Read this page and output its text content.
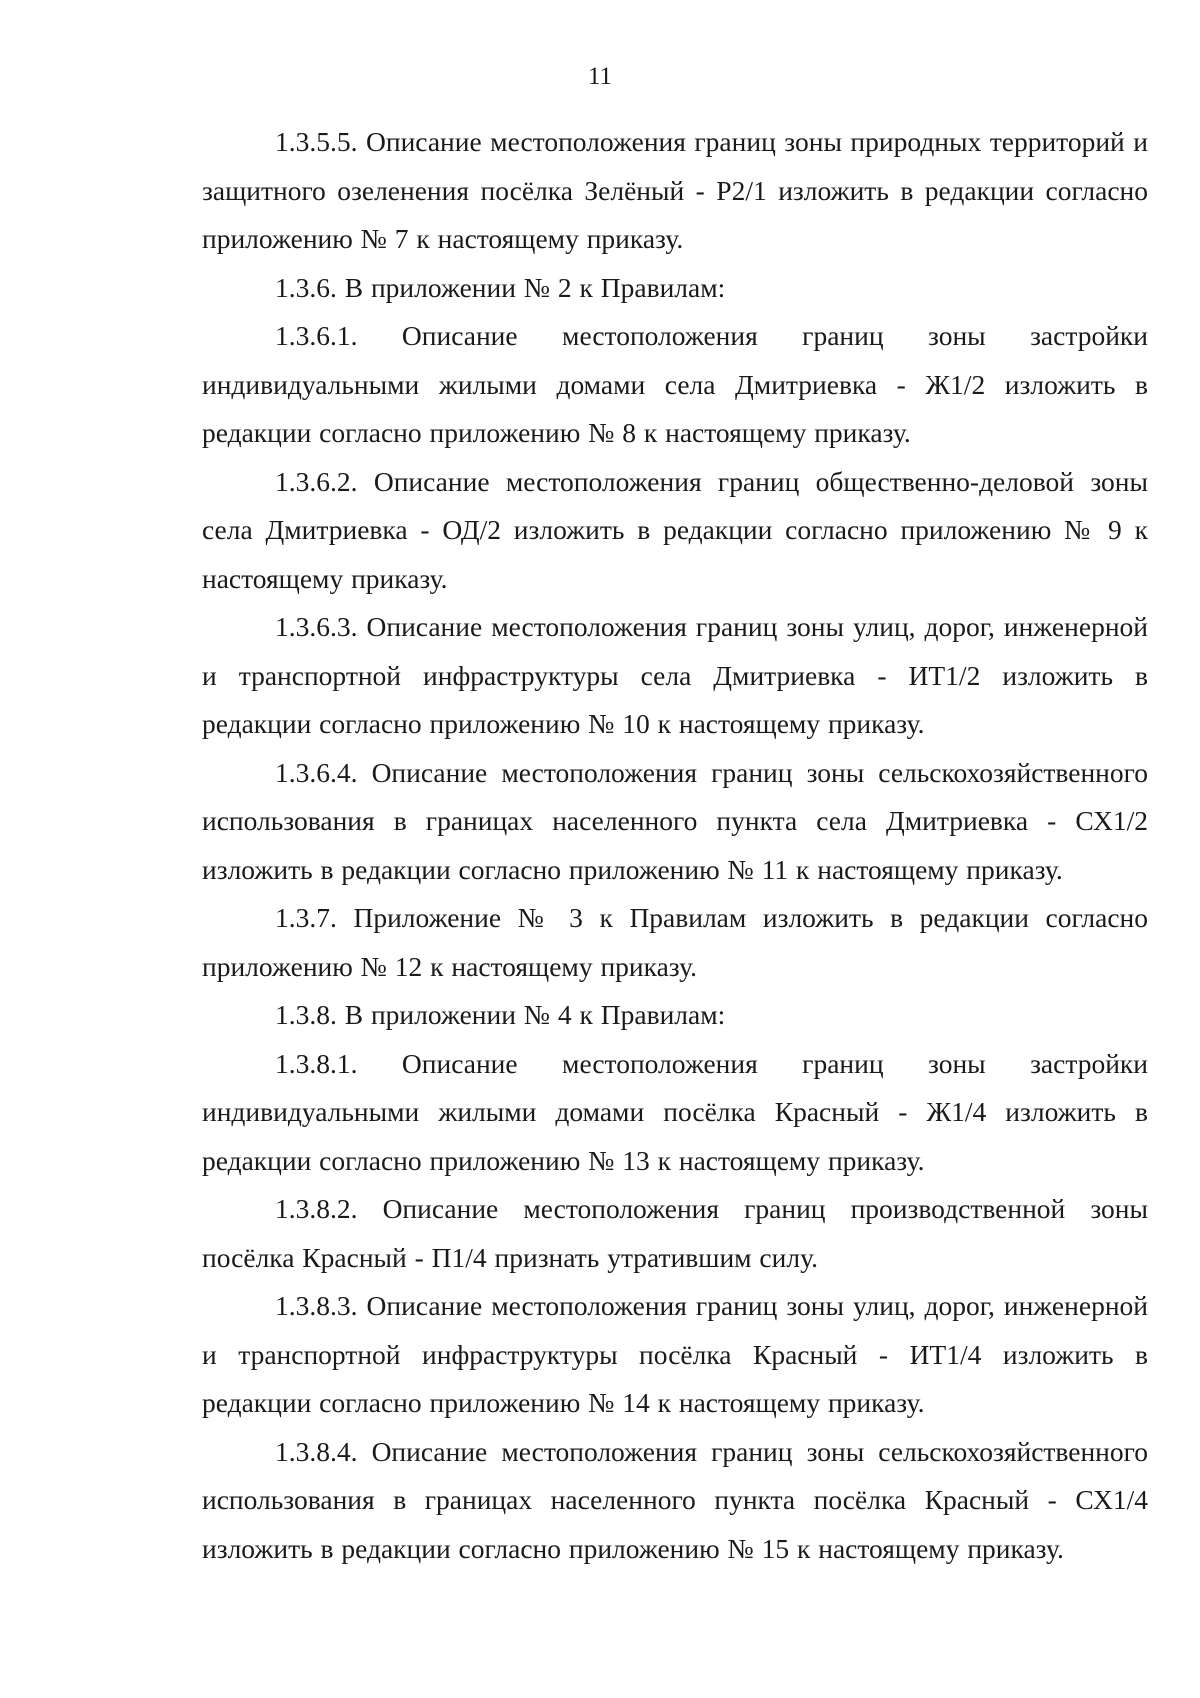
11

1.3.5.5. Описание местоположения границ зоны природных территорий и защитного озеленения посёлка Зелёный - Р2/1 изложить в редакции согласно приложению № 7 к настоящему приказу.

1.3.6. В приложении № 2 к Правилам:

1.3.6.1. Описание местоположения границ зоны застройки индивидуальными жилыми домами села Дмитриевка - Ж1/2 изложить в редакции согласно приложению № 8 к настоящему приказу.

1.3.6.2. Описание местоположения границ общественно-деловой зоны села Дмитриевка - ОД/2 изложить в редакции согласно приложению № 9 к настоящему приказу.

1.3.6.3. Описание местоположения границ зоны улиц, дорог, инженерной и транспортной инфраструктуры села Дмитриевка - ИТ1/2 изложить в редакции согласно приложению № 10 к настоящему приказу.

1.3.6.4. Описание местоположения границ зоны сельскохозяйственного использования в границах населенного пункта села Дмитриевка - СХ1/2 изложить в редакции согласно приложению № 11 к настоящему приказу.

1.3.7. Приложение № 3 к Правилам изложить в редакции согласно приложению № 12 к настоящему приказу.

1.3.8. В приложении № 4 к Правилам:

1.3.8.1. Описание местоположения границ зоны застройки индивидуальными жилыми домами посёлка Красный - Ж1/4 изложить в редакции согласно приложению № 13 к настоящему приказу.

1.3.8.2. Описание местоположения границ производственной зоны посёлка Красный - П1/4 признать утратившим силу.

1.3.8.3. Описание местоположения границ зоны улиц, дорог, инженерной и транспортной инфраструктуры посёлка Красный - ИТ1/4 изложить в редакции согласно приложению № 14 к настоящему приказу.

1.3.8.4. Описание местоположения границ зоны сельскохозяйственного использования в границах населенного пункта посёлка Красный - СХ1/4 изложить в редакции согласно приложению № 15 к настоящему приказу.
